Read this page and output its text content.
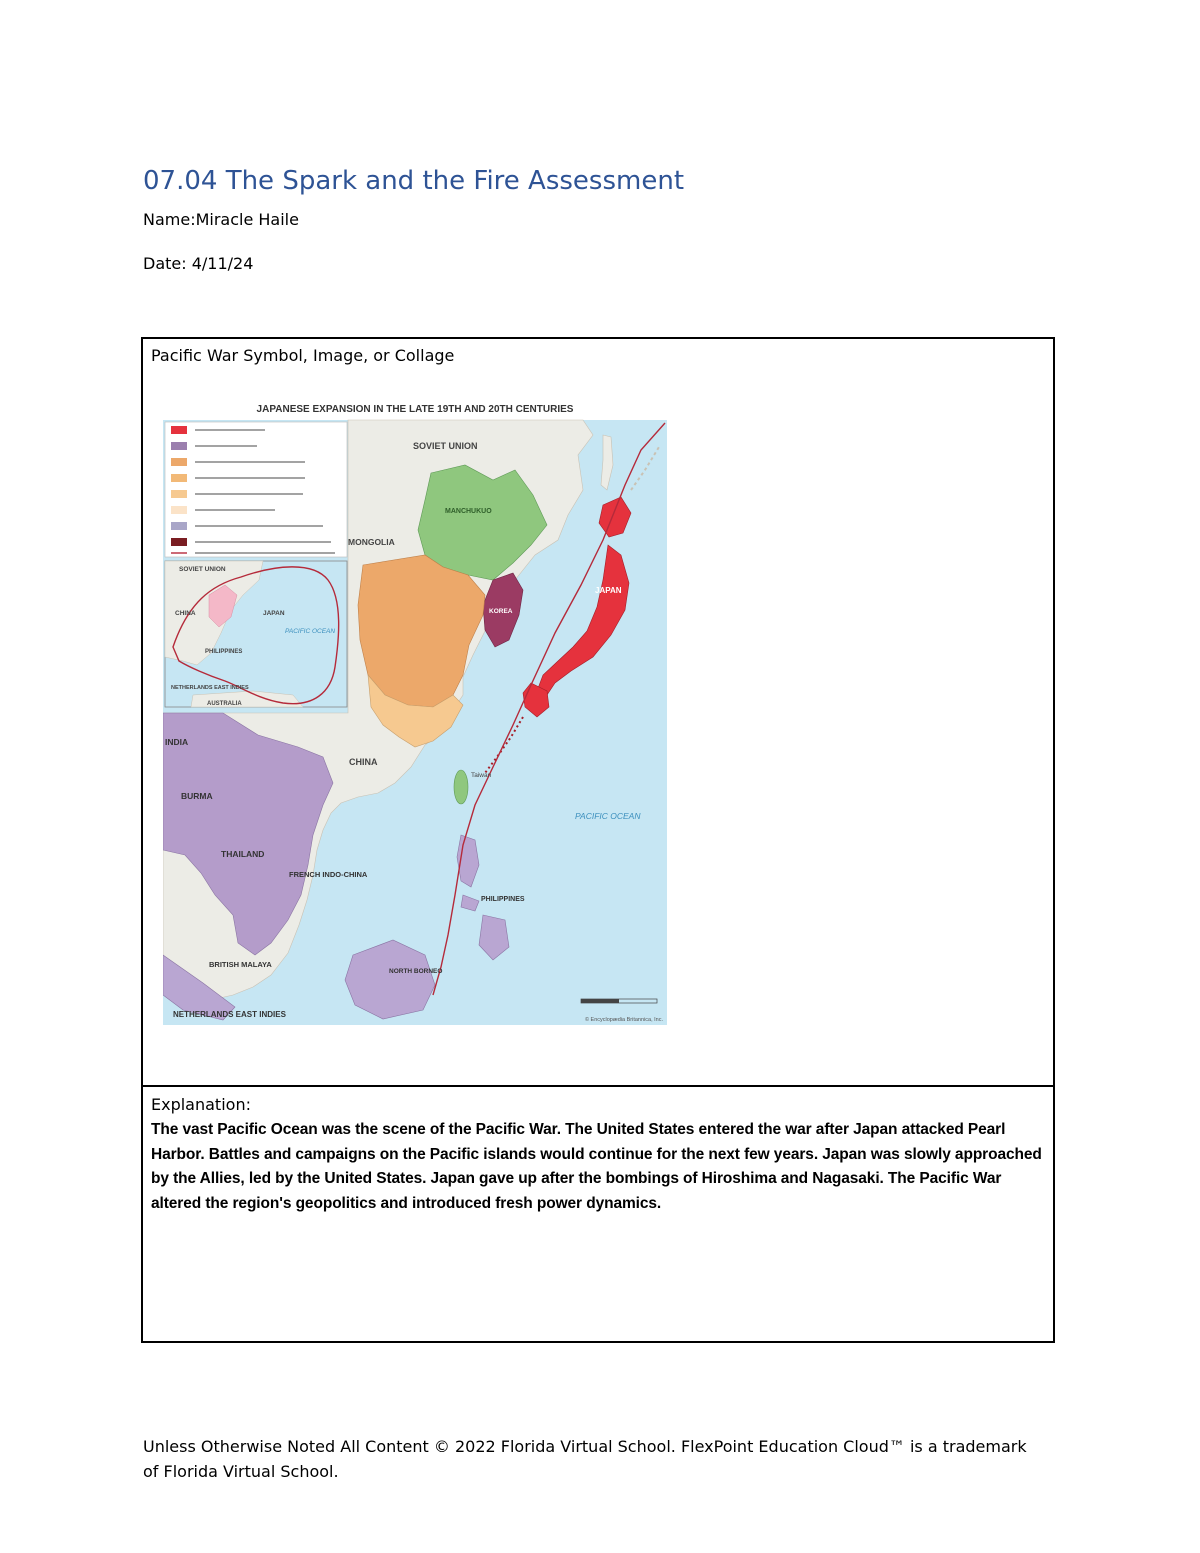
07.04 The Spark and the Fire Assessment
Name:Miracle Haile
Date: 4/11/24
Pacific War Symbol, Image, or Collage
JAPANESE EXPANSION IN THE LATE 19TH AND 20TH CENTURIES
SOVIET UNION
CHINA	JAPAN
PACIFIC OCEAN
PHILIPPINES
NETHERLANDS EAST INDIES
AUSTRALIA
SOVIET UNION
MONGOLIA
MANCHUKUO
KOREA
JAPAN
CHINA
Taiwan
PACIFIC OCEAN
INDIA
BURMA
THAILAND
FRENCH INDO-CHINA
BRITISH MALAYA
PHILIPPINES
NORTH BORNEO
NETHERLANDS EAST INDIES
© Encyclopædia Britannica, Inc.
Explanation:
The vast Pacific Ocean was the scene of the Pacific War. The United States entered the war after Japan attacked Pearl Harbor. Battles and campaigns on the Pacific islands would continue for the next few years. Japan was slowly approached by the Allies, led by the United States. Japan gave up after the bombings of Hiroshima and Nagasaki. The Pacific War altered the region's geopolitics and introduced fresh power dynamics.
Unless Otherwise Noted All Content © 2022 Florida Virtual School. FlexPoint Education Cloud™ is a trademark of Florida Virtual School.
